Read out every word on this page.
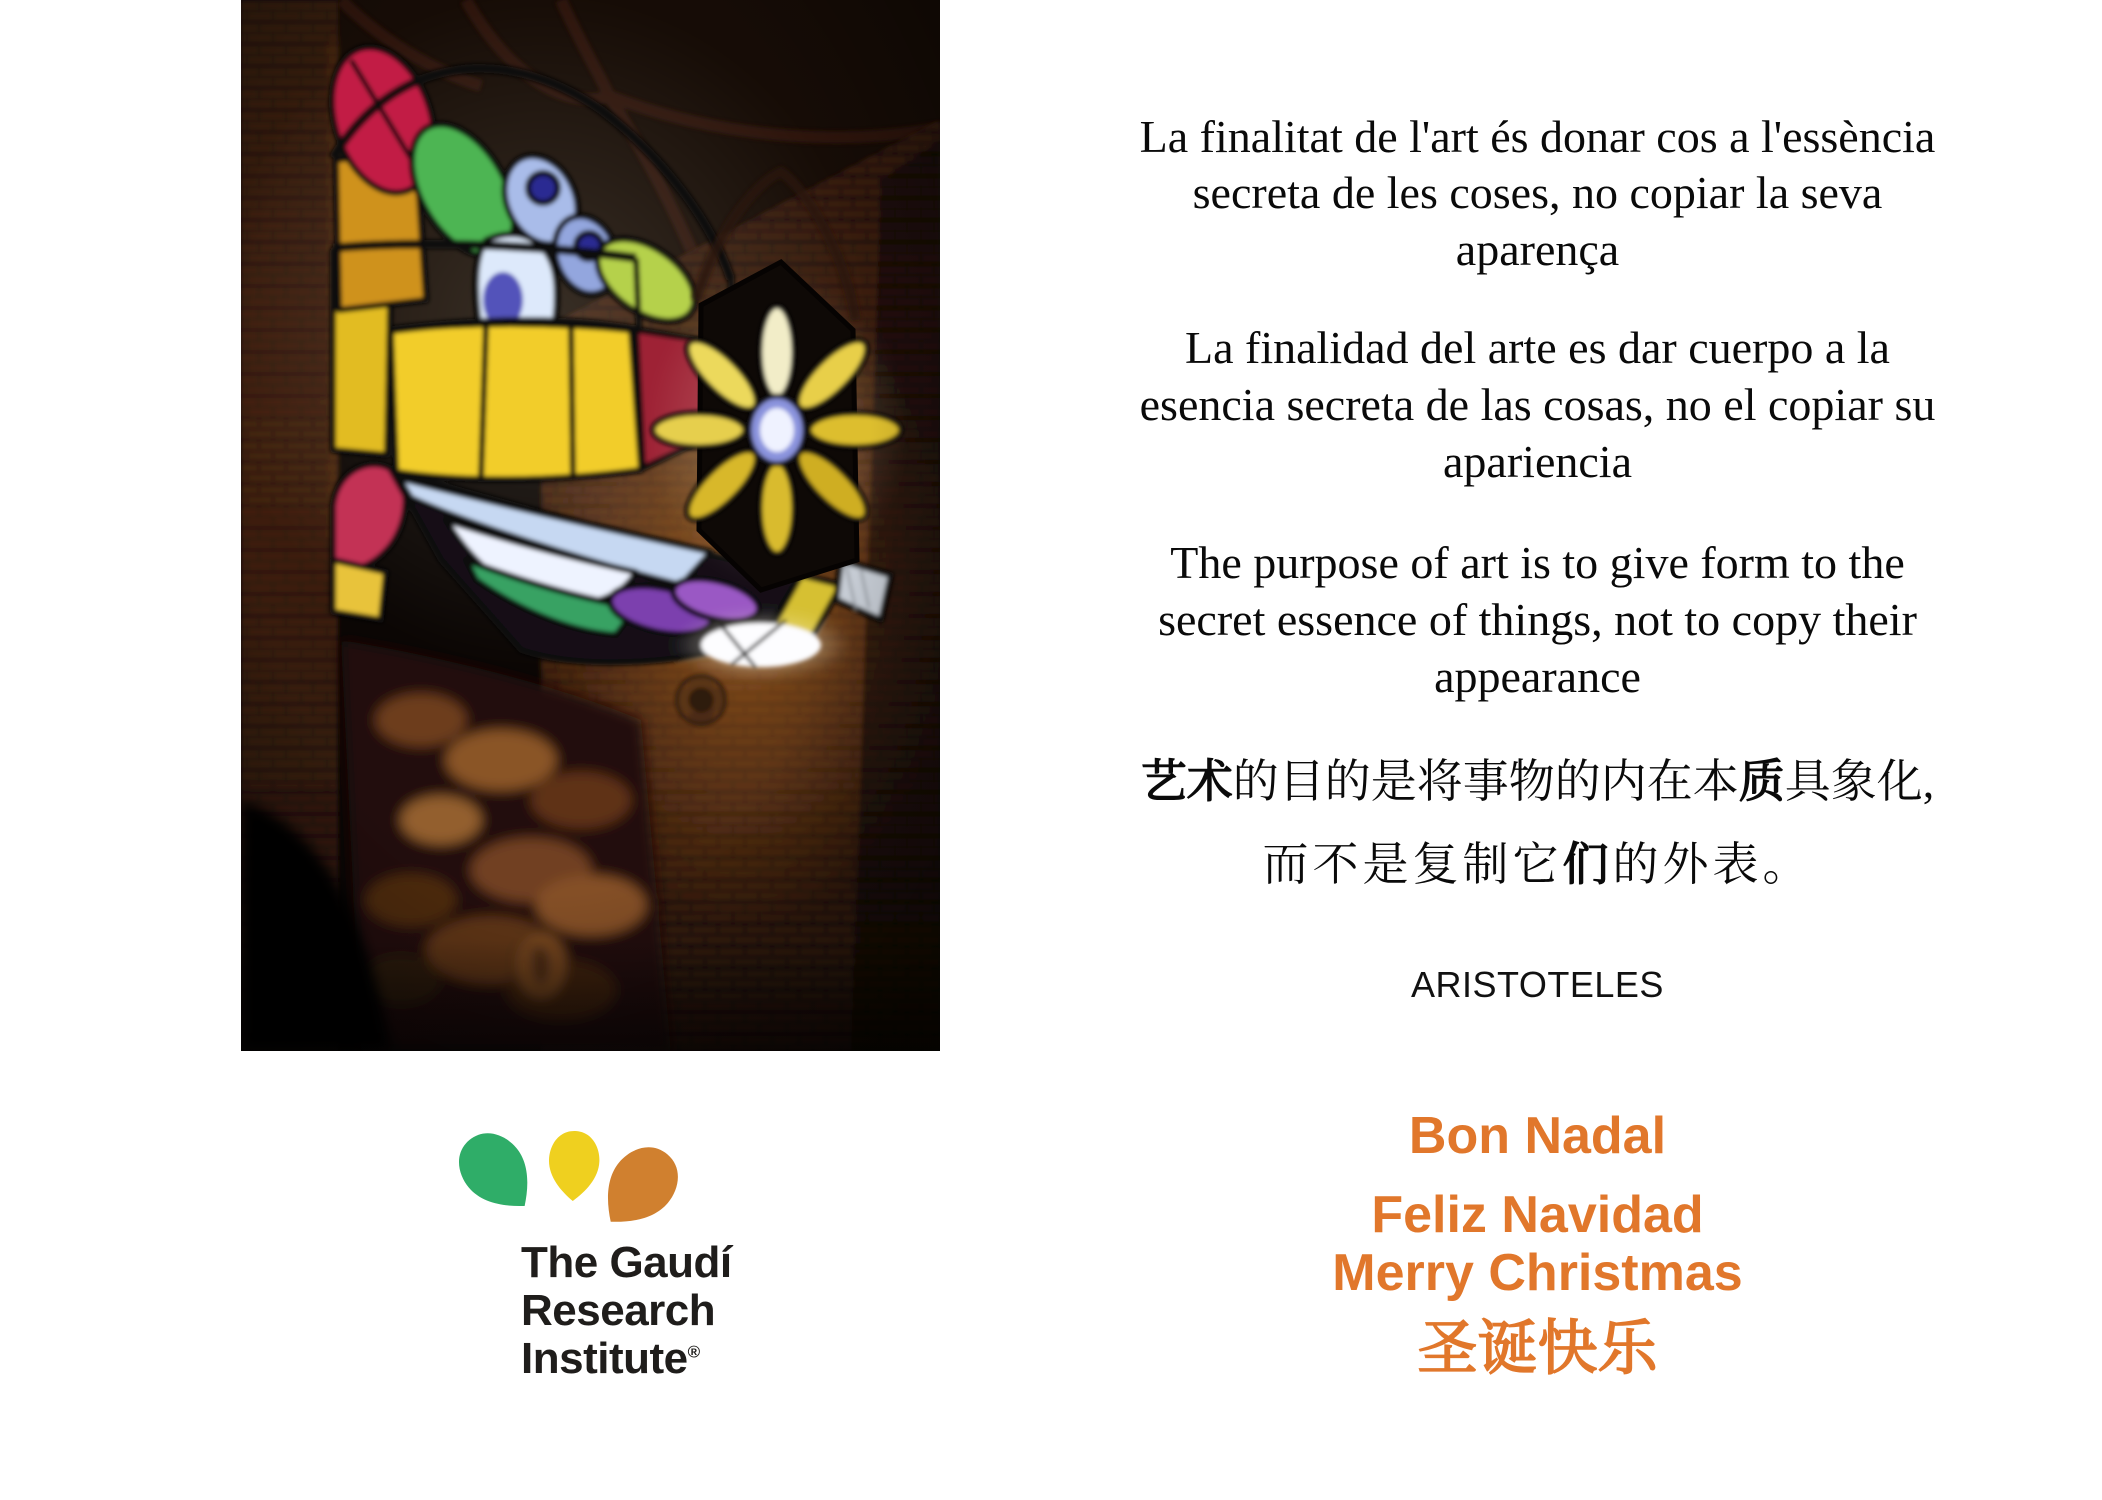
The Gaudí
Research
Institute®
La finalitat de l'art és donar cos a l'essència
secreta de les coses, no copiar la seva
aparença
La finalidad del arte es dar cuerpo a la
esencia secreta de las cosas, no el copiar su
apariencia
The purpose of art is to give form to the
secret essence of things, not to copy their
appearance
艺术的目的是将事物的内在本质具象化,
而不是复制它们的外表。
ARISTOTELES
Bon Nadal
Feliz Navidad
Merry Christmas
圣诞快乐
